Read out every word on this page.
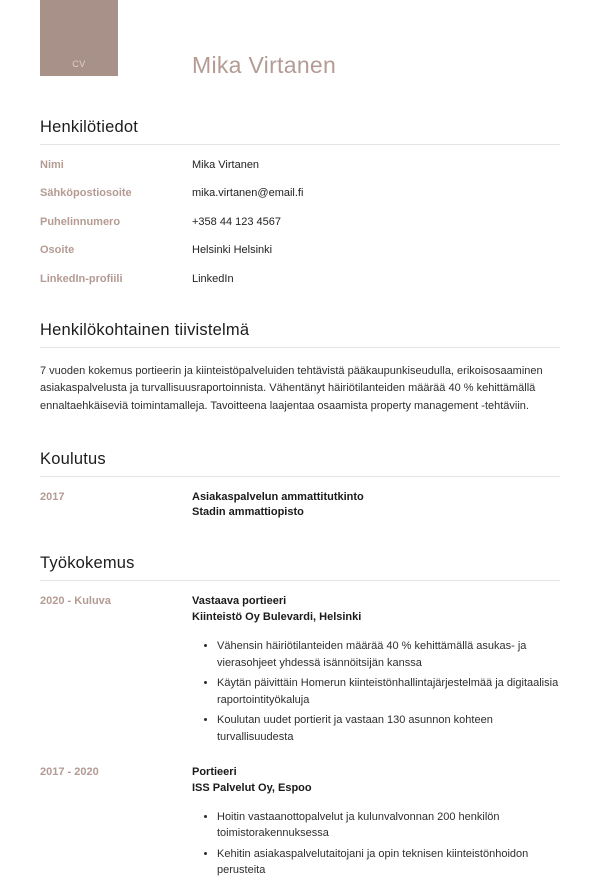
CV	Mika Virtanen
Henkilötiedot
Nimi	Mika Virtanen
Sähköpostiosoite	mika.virtanen@email.fi
Puhelinnumero	+358 44 123 4567
Osoite	Helsinki Helsinki
LinkedIn-profiili	LinkedIn
Henkilökohtainen tiivistelmä

7 vuoden kokemus portieerin ja kiinteistöpalveluiden tehtävistä pääkaupunkiseudulla, erikoisosaaminen asiakaspalvelusta ja turvallisuusraportoinnista. Vähentänyt häiriötilanteiden määrää 40 % kehittämällä ennaltaehkäiseviä toimintamalleja. Tavoitteena laajentaa osaamista property management -tehtäviin.

Koulutus
2017	Asiakaspalvelun ammattitutkinto
Stadin ammattiopisto
Työkokemus
2020 - Kuluva	Vastaava portieeri
Kiinteistö Oy Bulevardi, Helsinki
• Vähensin häiriötilanteiden määrää 40 % kehittämällä asukas- ja vierasohjeet yhdessä isännöitsijän kanssa
• Käytän päivittäin Homerun kiinteistönhallintajärjestelmää ja digitaalisia raportointityökaluja
• Koulutan uudet portierit ja vastaan 130 asunnon kohteen turvallisuudesta
2017 - 2020	Portieeri
ISS Palvelut Oy, Espoo
• Hoitin vastaanottopalvelut ja kulunvalvonnan 200 henkilön toimistorakennuksessa
• Kehitin asiakaspalvelutaitojani ja opin teknisen kiinteistönhoidon perusteita
